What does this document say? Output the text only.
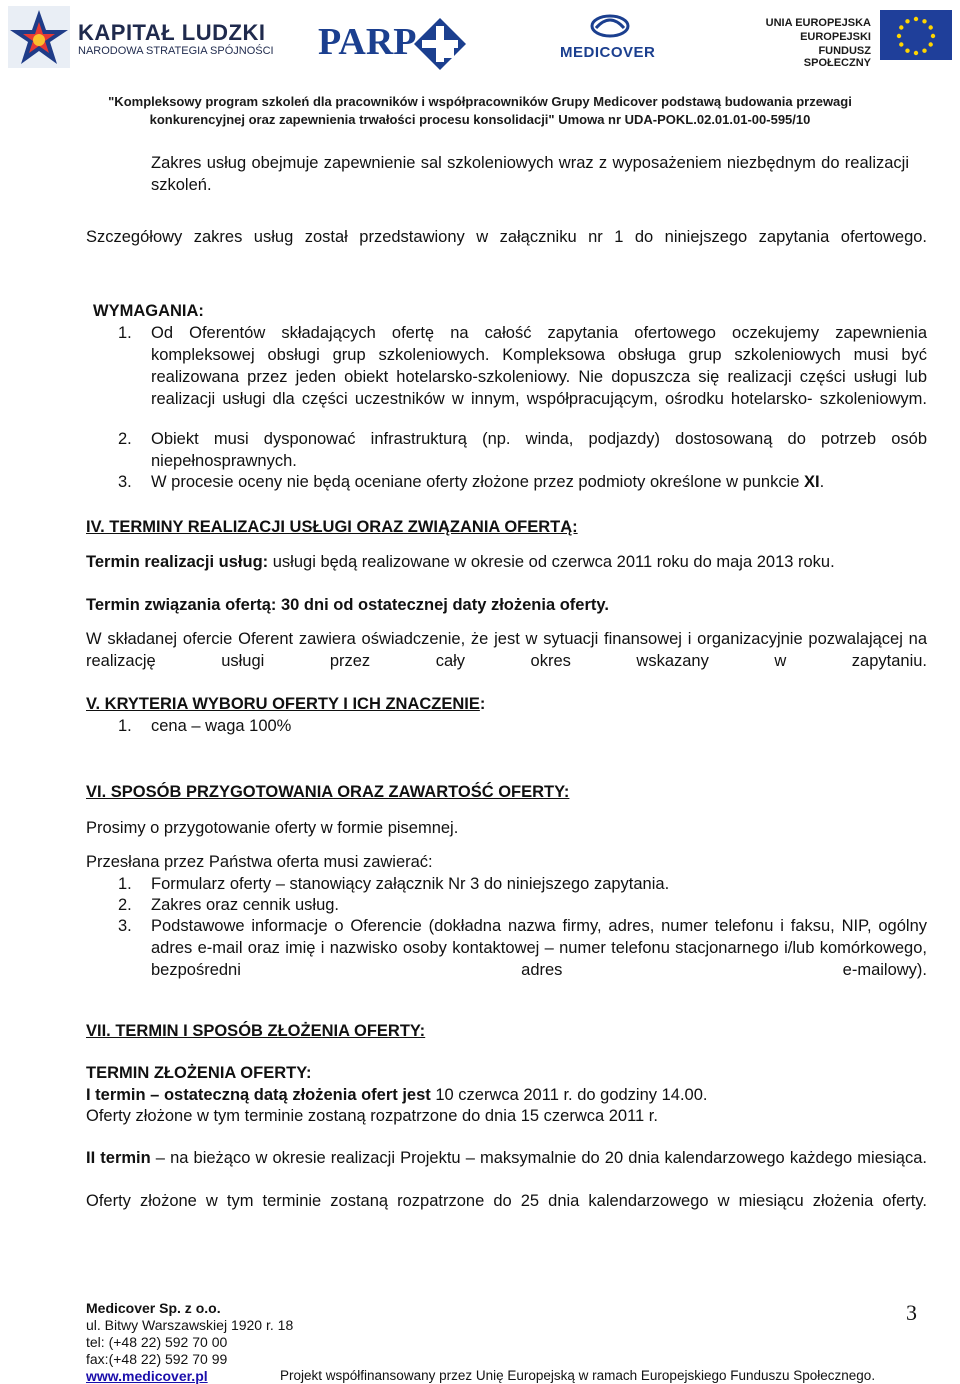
KAPITAŁ LUDZKI
NARODOWA STRATEGIA SPÓJNOŚCI PARP	MEDICOVER
UNIA EUROPEJSKA
EUROPEJSKI
FUNDUSZ SPOŁECZNY
"Kompleksowy program szkoleń dla pracowników i współpracowników Grupy Medicover podstawą budowania przewagi
konkurencyjnej oraz zapewnienia trwałości procesu konsolidacji" Umowa nr UDA-POKL.02.01.01-00-595/10
Zakres usług obejmuje zapewnienie sal szkoleniowych wraz z wyposażeniem niezbędnym do realizacji szkoleń.
Szczegółowy zakres usług został przedstawiony w załączniku nr 1 do niniejszego zapytania ofertowego.
WYMAGANIA:
1. Od Oferentów składających ofertę na całość zapytania ofertowego oczekujemy zapewnienia kompleksowej obsługi grup szkoleniowych. Kompleksowa obsługa grup szkoleniowych musi być realizowana przez jeden obiekt hotelarsko-szkoleniowy. Nie dopuszcza się realizacji części usługi lub realizacji usługi dla części uczestników w innym, współpracującym, ośrodku hotelarsko- szkoleniowym.
2. Obiekt musi dysponować infrastrukturą (np. winda, podjazdy) dostosowaną do potrzeb osób niepełnosprawnych.
3. W procesie oceny nie będą oceniane oferty złożone przez podmioty określone w punkcie XI.
IV. TERMINY REALIZACJI USŁUGI ORAZ ZWIĄZANIA OFERTĄ:
Termin realizacji usług: usługi będą realizowane w okresie od czerwca 2011 roku do maja 2013 roku.
Termin związania ofertą: 30 dni od ostatecznej daty złożenia oferty.
W składanej ofercie Oferent zawiera oświadczenie, że jest w sytuacji finansowej i organizacyjnie pozwalającej na realizację usługi przez cały okres wskazany w zapytaniu.
V. KRYTERIA WYBORU OFERTY I ICH ZNACZENIE:
1. cena – waga 100%
VI. SPOSÓB PRZYGOTOWANIA ORAZ ZAWARTOŚĆ OFERTY:
Prosimy o przygotowanie oferty w formie pisemnej.
Przesłana przez Państwa oferta musi zawierać:
1. Formularz oferty – stanowiący załącznik Nr 3 do niniejszego zapytania.
2. Zakres oraz cennik usług.
3. Podstawowe informacje o Oferencie (dokładna nazwa firmy, adres, numer telefonu i faksu, NIP, ogólny adres e-mail oraz imię i nazwisko osoby kontaktowej – numer telefonu stacjonarnego i/lub komórkowego, bezpośredni adres e-mailowy).
VII. TERMIN I SPOSÓB ZŁOŻENIA OFERTY:
TERMIN ZŁOŻENIA OFERTY:
I termin – ostateczną datą złożenia ofert jest 10 czerwca 2011 r. do godziny 14.00.
Oferty złożone w tym terminie zostaną rozpatrzone do dnia 15 czerwca 2011 r.
II termin – na bieżąco w okresie realizacji Projektu – maksymalnie do 20 dnia kalendarzowego każdego miesiąca.
Oferty złożone w tym terminie zostaną rozpatrzone do 25 dnia kalendarzowego w miesiącu złożenia oferty.
Medicover Sp. z o.o.
ul. Bitwy Warszawskiej 1920 r. 18
tel: (+48 22) 592 70 00
fax:(+48 22) 592 70 99
www.medicover.pl	Projekt współfinansowany przez Unię Europejską w ramach Europejskiego Funduszu Społecznego.
3
